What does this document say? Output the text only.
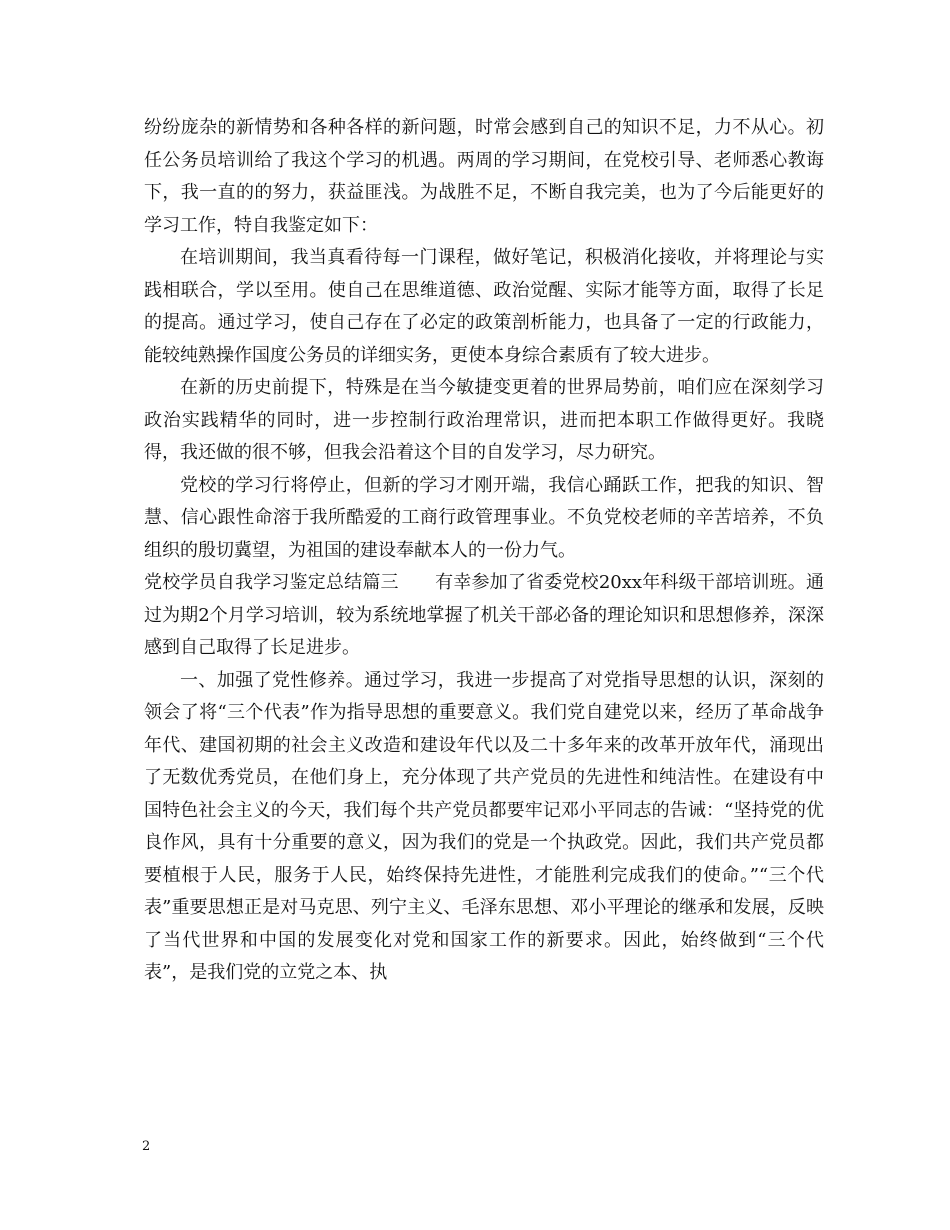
纷纷庞杂的新情势和各种各样的新问题，时常会感到自己的知识不足，力不从心。初任公务员培训给了我这个学习的机遇。两周的学习期间，在党校引导、老师悉心教诲下，我一直的的努力，获益匪浅。为战胜不足，不断自我完美，也为了今后能更好的学习工作，特自我鉴定如下：

在培训期间，我当真看待每一门课程，做好笔记，积极消化接收，并将理论与实践相联合，学以至用。使自己在思维道德、政治觉醒、实际才能等方面，取得了长足的提高。通过学习，使自己存在了必定的政策剖析能力，也具备了一定的行政能力，能较纯熟操作国度公务员的详细实务，更使本身综合素质有了较大进步。

在新的历史前提下，特殊是在当今敏捷变更着的世界局势前，咱们应在深刻学习政治实践精华的同时，进一步控制行政治理常识，进而把本职工作做得更好。我晓得，我还做的很不够，但我会沿着这个目的自发学习，尽力研究。

党校的学习行将停止，但新的学习才刚开端，我信心踊跃工作，把我的知识、智慧、信心跟性命溶于我所酷爱的工商行政管理事业。不负党校老师的辛苦培养，不负组织的殷切冀望，为祖国的建设奉献本人的一份力气。

党校学员自我学习鉴定总结篇三　　有幸参加了省委党校20xx年科级干部培训班。通过为期2个月学习培训，较为系统地掌握了机关干部必备的理论知识和思想修养，深深感到自己取得了长足进步。

一、加强了党性修养。通过学习，我进一步提高了对党指导思想的认识，深刻的领会了将“三个代表”作为指导思想的重要意义。我们党自建党以来，经历了革命战争年代、建国初期的社会主义改造和建设年代以及二十多年来的改革开放年代，涌现出了无数优秀党员，在他们身上，充分体现了共产党员的先进性和纯洁性。在建设有中国特色社会主义的今天，我们每个共产党员都要牢记邓小平同志的告诫：“坚持党的优良作风，具有十分重要的意义，因为我们的党是一个执政党。因此，我们共产党员都要植根于人民，服务于人民，始终保持先进性，才能胜利完成我们的使命。”“三个代表”重要思想正是对马克思、列宁主义、毛泽东思想、邓小平理论的继承和发展，反映了当代世界和中国的发展变化对党和国家工作的新要求。因此，始终做到“三个代表”，是我们党的立党之本、执

2
